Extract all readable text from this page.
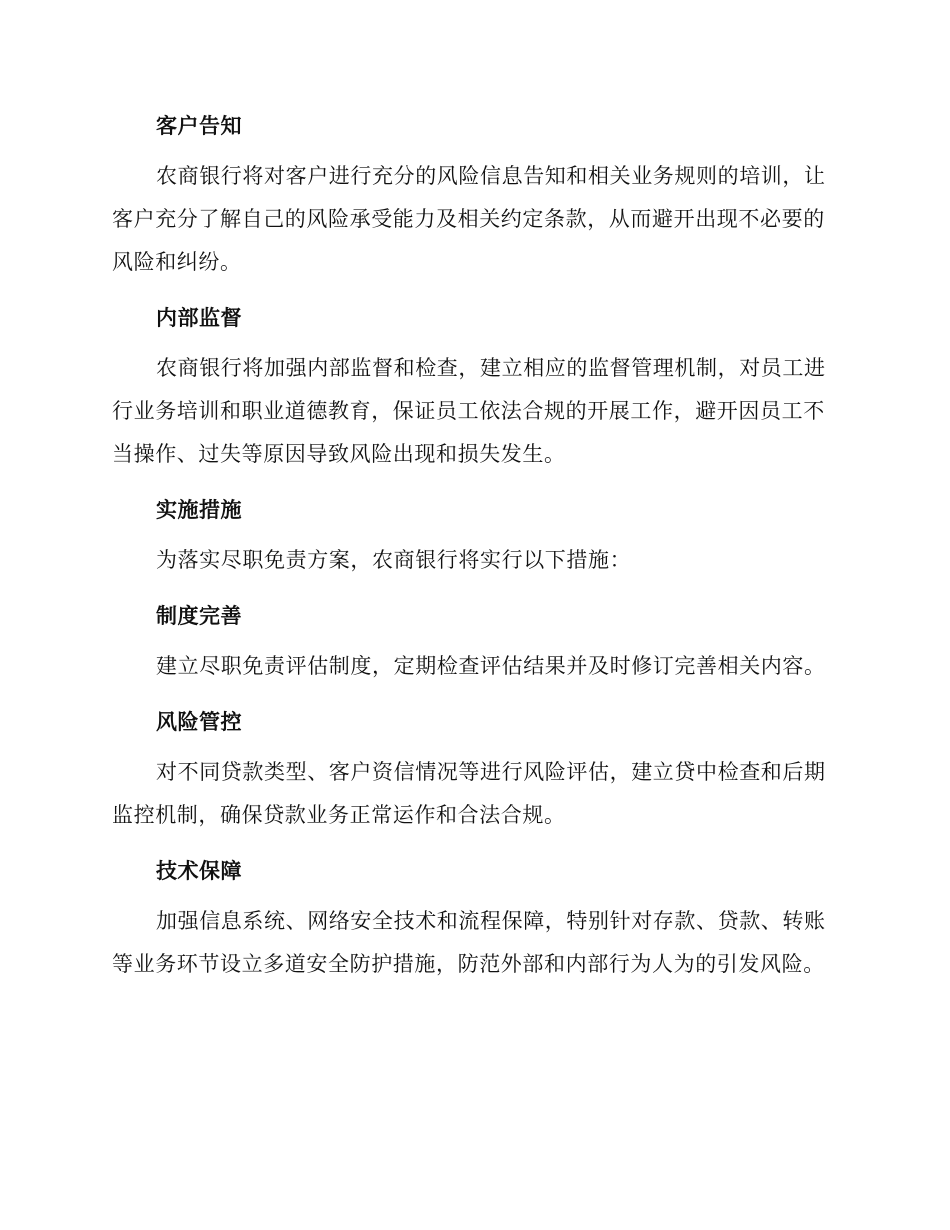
客户告知

农商银行将对客户进行充分的风险信息告知和相关业务规则的培训，让客户充分了解自己的风险承受能力及相关约定条款，从而避开出现不必要的风险和纠纷。

内部监督

农商银行将加强内部监督和检查，建立相应的监督管理机制，对员工进行业务培训和职业道德教育，保证员工依法合规的开展工作，避开因员工不当操作、过失等原因导致风险出现和损失发生。

实施措施

为落实尽职免责方案，农商银行将实行以下措施：

制度完善

建立尽职免责评估制度，定期检查评估结果并及时修订完善相关内容。

风险管控

对不同贷款类型、客户资信情况等进行风险评估，建立贷中检查和后期监控机制，确保贷款业务正常运作和合法合规。

技术保障

加强信息系统、网络安全技术和流程保障，特别针对存款、贷款、转账等业务环节设立多道安全防护措施，防范外部和内部行为人为的引发风险。
